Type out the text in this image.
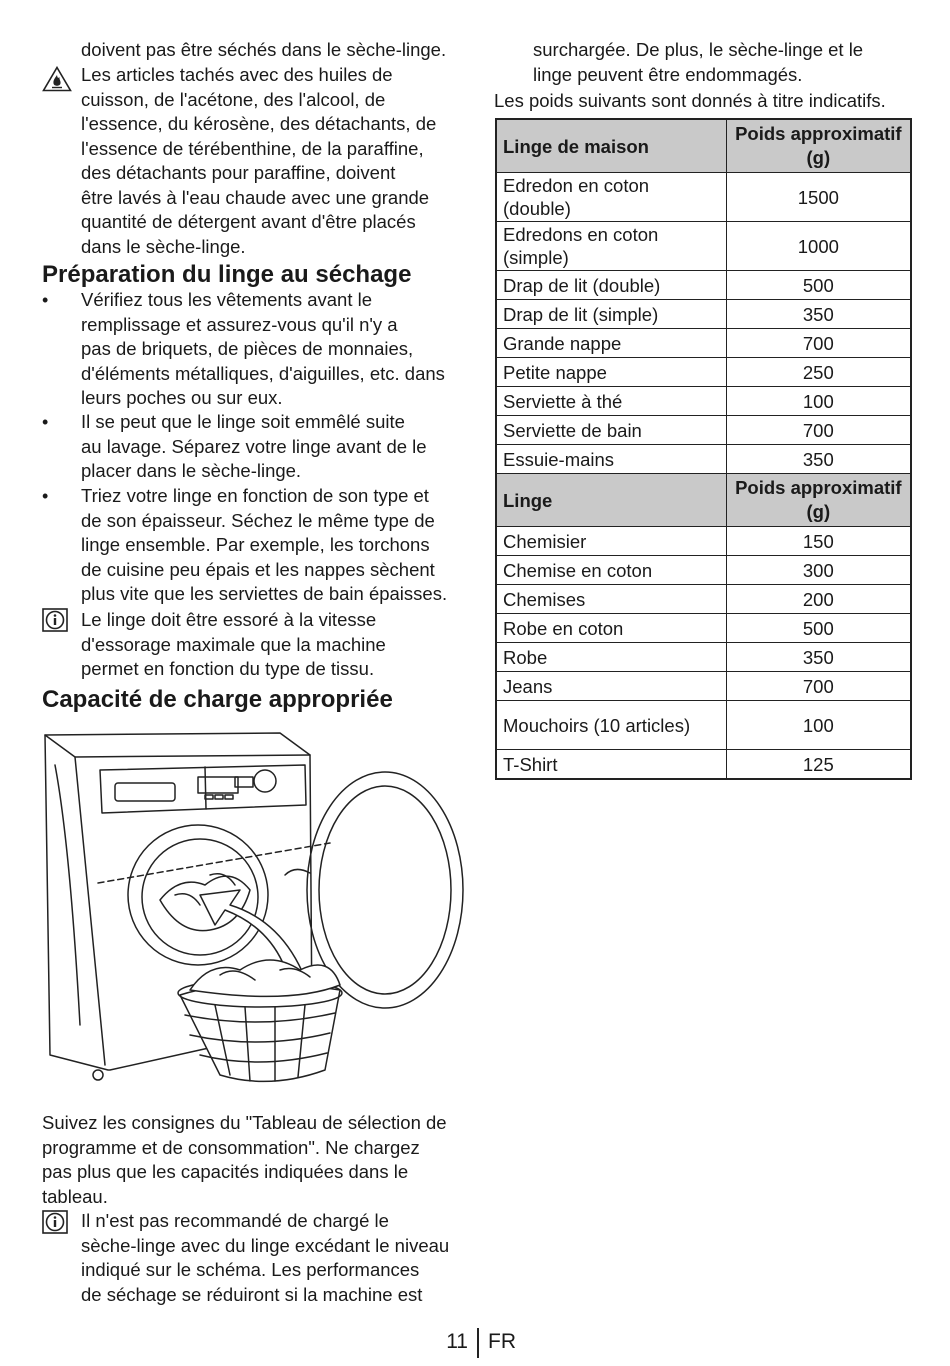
doivent pas être séchés dans le sèche-linge.

Les articles tachés avec des huiles de
cuisson, de l'acétone, des l'alcool, de
l'essence, du kérosène, des détachants, de
l'essence de térébenthine, de la paraffine,
des détachants pour paraffine, doivent
être lavés à l'eau chaude avec une grande
quantité de détergent avant d'être placés
dans le sèche-linge.
Préparation du linge au séchage
• Vérifiez tous les vêtements avant le
remplissage et assurez-vous qu'il n'y a
pas de briquets, de pièces de monnaies,
d'éléments métalliques, d'aiguilles, etc. dans
leurs poches ou sur eux.
• Il se peut que le linge soit emmêlé suite
au lavage. Séparez votre linge avant de le
placer dans le sèche-linge.
• Triez votre linge en fonction de son type et
de son épaisseur. Séchez le même type de
linge ensemble. Par exemple, les torchons
de cuisine peu épais et les nappes sèchent
plus vite que les serviettes de bain épaisses.
Le linge doit être essoré à la vitesse
d'essorage maximale que la machine
permet en fonction du type de tissu.
Capacité de charge appropriée
Suivez les consignes du "Tableau de sélection de
programme et de consommation". Ne chargez
pas plus que les capacités indiquées dans le
tableau.
Il n'est pas recommandé de chargé le
sèche-linge avec du linge excédant le niveau
indiqué sur le schéma. Les performances
de séchage se réduiront si la machine est
surchargée. De plus, le sèche-linge et le
linge peuvent être endommagés.

Les poids suivants sont donnés à titre indicatifs.

Linge de maison	Poids approximatif (g)
Edredon en coton (double)	1500
Edredons en coton (simple)	1000
Drap de lit (double)	500
Drap de lit (simple)	350
Grande nappe	700
Petite nappe	250
Serviette à thé	100
Serviette de bain	700
Essuie-mains	350
Linge	Poids approximatif (g)
Chemisier	150
Chemise en coton	300
Chemises	200
Robe en coton	500
Robe	350
Jeans	700
Mouchoirs (10 articles)	100
T-Shirt	125
11 FR
